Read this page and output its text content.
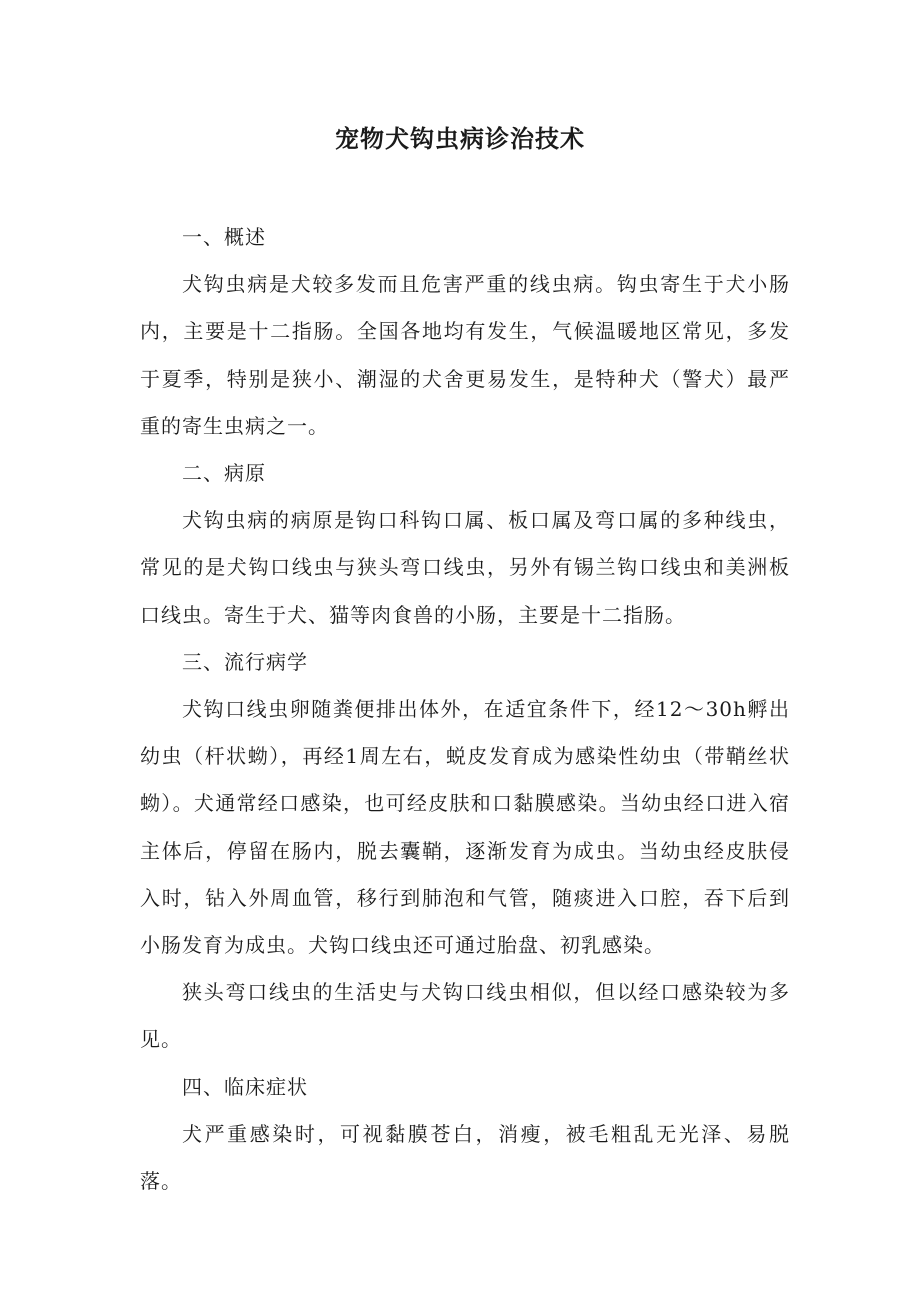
宠物犬钩虫病诊治技术
一、概述
犬钩虫病是犬较多发而且危害严重的线虫病。钩虫寄生于犬小肠内，主要是十二指肠。全国各地均有发生，气候温暖地区常见，多发于夏季，特别是狭小、潮湿的犬舍更易发生，是特种犬（警犬）最严重的寄生虫病之一。
二、病原
犬钩虫病的病原是钩口科钩口属、板口属及弯口属的多种线虫，常见的是犬钩口线虫与狭头弯口线虫，另外有锡兰钩口线虫和美洲板口线虫。寄生于犬、猫等肉食兽的小肠，主要是十二指肠。
三、流行病学
犬钩口线虫卵随粪便排出体外，在适宜条件下，经12～30h孵出幼虫（杆状蚴），再经1周左右，蜕皮发育成为感染性幼虫（带鞘丝状蚴）。犬通常经口感染，也可经皮肤和口黏膜感染。当幼虫经口进入宿主体后，停留在肠内，脱去囊鞘，逐渐发育为成虫。当幼虫经皮肤侵入时，钻入外周血管，移行到肺泡和气管，随痰进入口腔，吞下后到小肠发育为成虫。犬钩口线虫还可通过胎盘、初乳感染。
狭头弯口线虫的生活史与犬钩口线虫相似，但以经口感染较为多见。
四、临床症状
犬严重感染时，可视黏膜苍白，消瘦，被毛粗乱无光泽、易脱落。
